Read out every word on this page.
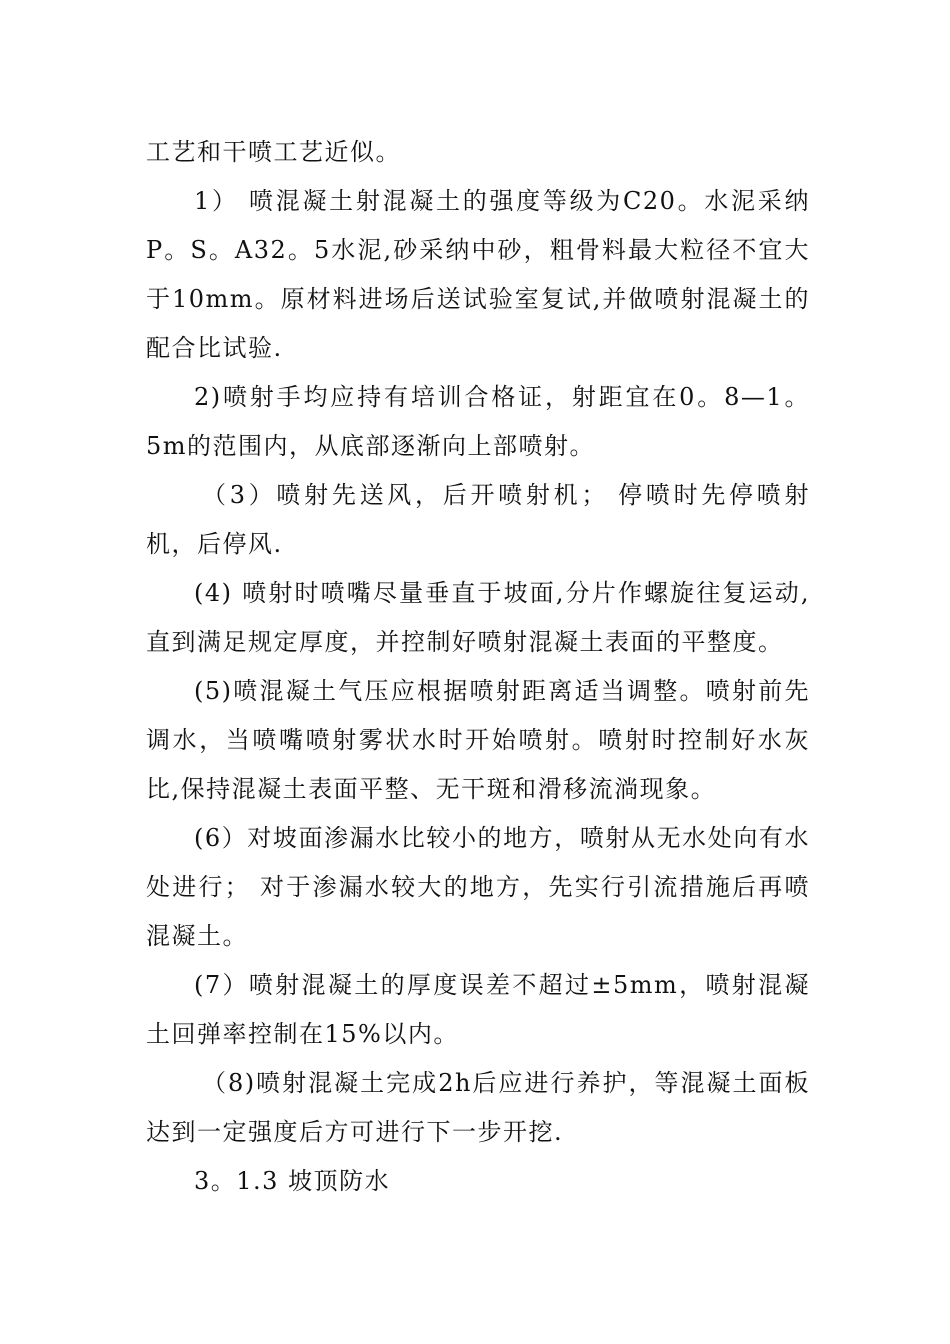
工艺和干喷工艺近似。

1） 喷混凝土射混凝土的强度等级为C20。水泥采纳P。S。A32。5水泥,砂采纳中砂，粗骨料最大粒径不宜大于10mm。原材料进场后送试验室复试,并做喷射混凝土的配合比试验.

2)喷射手均应持有培训合格证，射距宜在0。8—1。5m的范围内，从底部逐渐向上部喷射。

（3）喷射先送风，后开喷射机； 停喷时先停喷射机，后停风.

(4) 喷射时喷嘴尽量垂直于坡面,分片作螺旋往复运动,直到满足规定厚度，并控制好喷射混凝土表面的平整度。

(5)喷混凝土气压应根据喷射距离适当调整。喷射前先调水，当喷嘴喷射雾状水时开始喷射。喷射时控制好水灰比,保持混凝土表面平整、无干斑和滑移流淌现象。

(6）对坡面渗漏水比较小的地方，喷射从无水处向有水处进行； 对于渗漏水较大的地方，先实行引流措施后再喷混凝土。

(7）喷射混凝土的厚度误差不超过±5mm，喷射混凝土回弹率控制在15%以内。

（8)喷射混凝土完成2h后应进行养护，等混凝土面板达到一定强度后方可进行下一步开挖.

3。1.3 坡顶防水
